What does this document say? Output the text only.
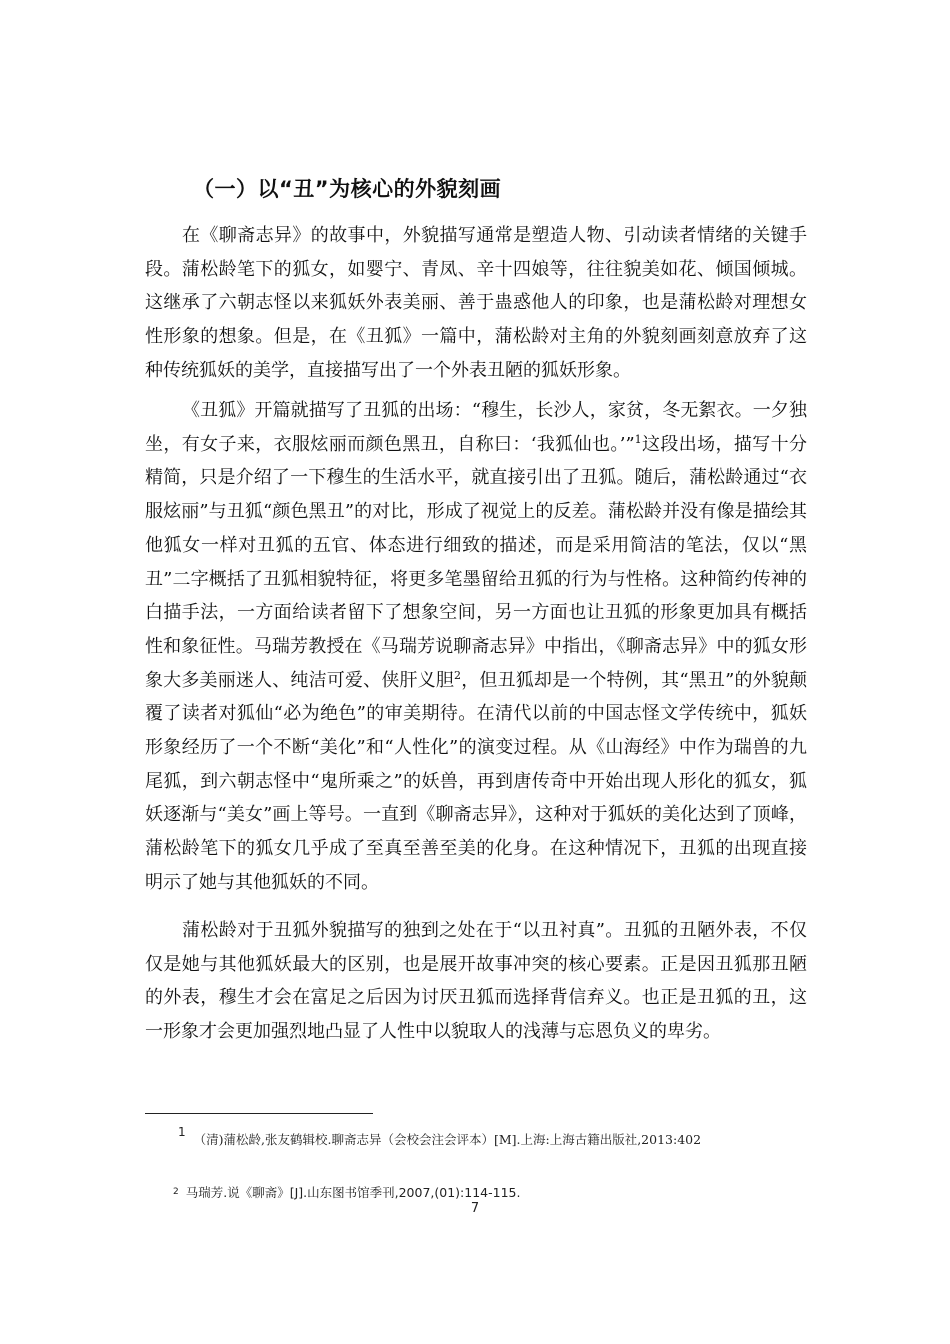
（一）以“丑”为核心的外貌刻画

在《聊斋志异》的故事中，外貌描写通常是塑造人物、引动读者情绪的关键手段。蒲松龄笔下的狐女，如婴宁、青凤、辛十四娘等，往往貌美如花、倾国倾城。这继承了六朝志怪以来狐妖外表美丽、善于蛊惑他人的印象，也是蒲松龄对理想女性形象的想象。但是，在《丑狐》一篇中，蒲松龄对主角的外貌刻画刻意放弃了这种传统狐妖的美学，直接描写出了一个外表丑陋的狐妖形象。

《丑狐》开篇就描写了丑狐的出场：“穆生，长沙人，家贫，冬无絮衣。一夕独坐，有女子来，衣服炫丽而颜色黑丑，自称曰：‘我狐仙也。’”$^1$这段出场，描写十分精简，只是介绍了一下穆生的生活水平，就直接引出了丑狐。随后，蒲松龄通过“衣服炫丽”与丑狐“颜色黑丑”的对比，形成了视觉上的反差。蒲松龄并没有像是描绘其他狐女一样对丑狐的五官、体态进行细致的描述，而是采用简洁的笔法，仅以“黑丑”二字概括了丑狐相貌特征，将更多笔墨留给丑狐的行为与性格。这种简约传神的白描手法，一方面给读者留下了想象空间，另一方面也让丑狐的形象更加具有概括性和象征性。马瑞芳教授在《马瑞芳说聊斋志异》中指出，《聊斋志异》中的狐女形象大多美丽迷人、纯洁可爱、侠肝义胆$^2$，但丑狐却是一个特例，其“黑丑”的外貌颠覆了读者对狐仙“必为绝色”的审美期待。在清代以前的中国志怪文学传统中，狐妖形象经历了一个不断“美化”和“人性化”的演变过程。从《山海经》中作为瑞兽的九尾狐，到六朝志怪中“鬼所乘之”的妖兽，再到唐传奇中开始出现人形化的狐女，狐妖逐渐与“美女”画上等号。一直到《聊斋志异》，这种对于狐妖的美化达到了顶峰，蒲松龄笔下的狐女几乎成了至真至善至美的化身。在这种情况下，丑狐的出现直接明示了她与其他狐妖的不同。

蒲松龄对于丑狐外貌描写的独到之处在于“以丑衬真”。丑狐的丑陋外表，不仅仅是她与其他狐妖最大的区别，也是展开故事冲突的核心要素。正是因丑狐那丑陋的外表，穆生才会在富足之后因为讨厌丑狐而选择背信弃义。也正是丑狐的丑，这一形象才会更加强烈地凸显了人性中以貌取人的浅薄与忘恩负义的卑劣。

1 （清)蒲松龄,张友鹤辑校.聊斋志异（会校会注会评本）[M].上海:上海古籍出版社,2013:402
$^2$ 马瑞芳.说《聊斋》[J].山东图书馆季刊,2007,(01):114-115.
7
